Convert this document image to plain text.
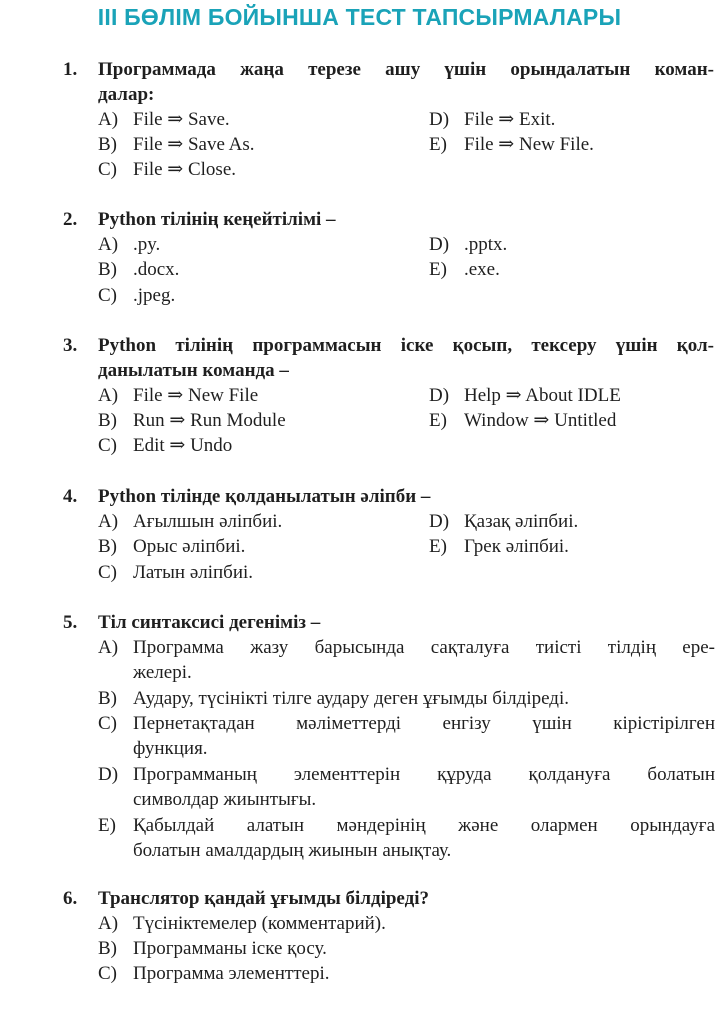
III БӨЛІМ БОЙЫНША ТЕСТ ТАПСЫРМАЛАРЫ
1. Программада жаңа терезе ашу үшін орындалатын коман-
далар:
A) File ⇒ Save.
B) File ⇒ Save As.
C) File ⇒ Close.
D) File ⇒ Exit.
E) File ⇒ New File.
2. Python тілінің кеңейтілімі –
A) .py.
B) .docx.
C) .jpeg.
D) .pptx.
E) .exe.
3. Python тілінің программасын іске қосып, тексеру үшін қол-
данылатын команда –
A) File ⇒ New File
B) Run ⇒ Run Module
C) Edit ⇒ Undo
D) Help ⇒ About IDLE
E) Window ⇒ Untitled
4. Python тілінде қолданылатын әліпби –
A) Ағылшын әліпбиі.
B) Орыс әліпбиі.
C) Латын әліпбиі.
D) Қазақ әліпбиі.
E) Грек әліпбиі.
5. Тіл синтаксисі дегеніміз –
A) Программа жазу барысында сақталуға тиісті тілдің ере-
желері.
B) Аудару, түсінікті тілге аудару деген ұғымды білдіреді.
C) Пернетақтадан мәліметтерді енгізу үшін кірістірілген
функция.
D) Программаның элементтерін құруда қолдануға болатын
символдар жиынтығы.
E) Қабылдай алатын мәндерінің және олармен орындауға
болатын амалдардың жиынын анықтау.
6. Транслятор қандай ұғымды білдіреді?
A) Түсініктемелер (комментарий).
B) Программаны іске қосу.
C) Программа элементтері.
